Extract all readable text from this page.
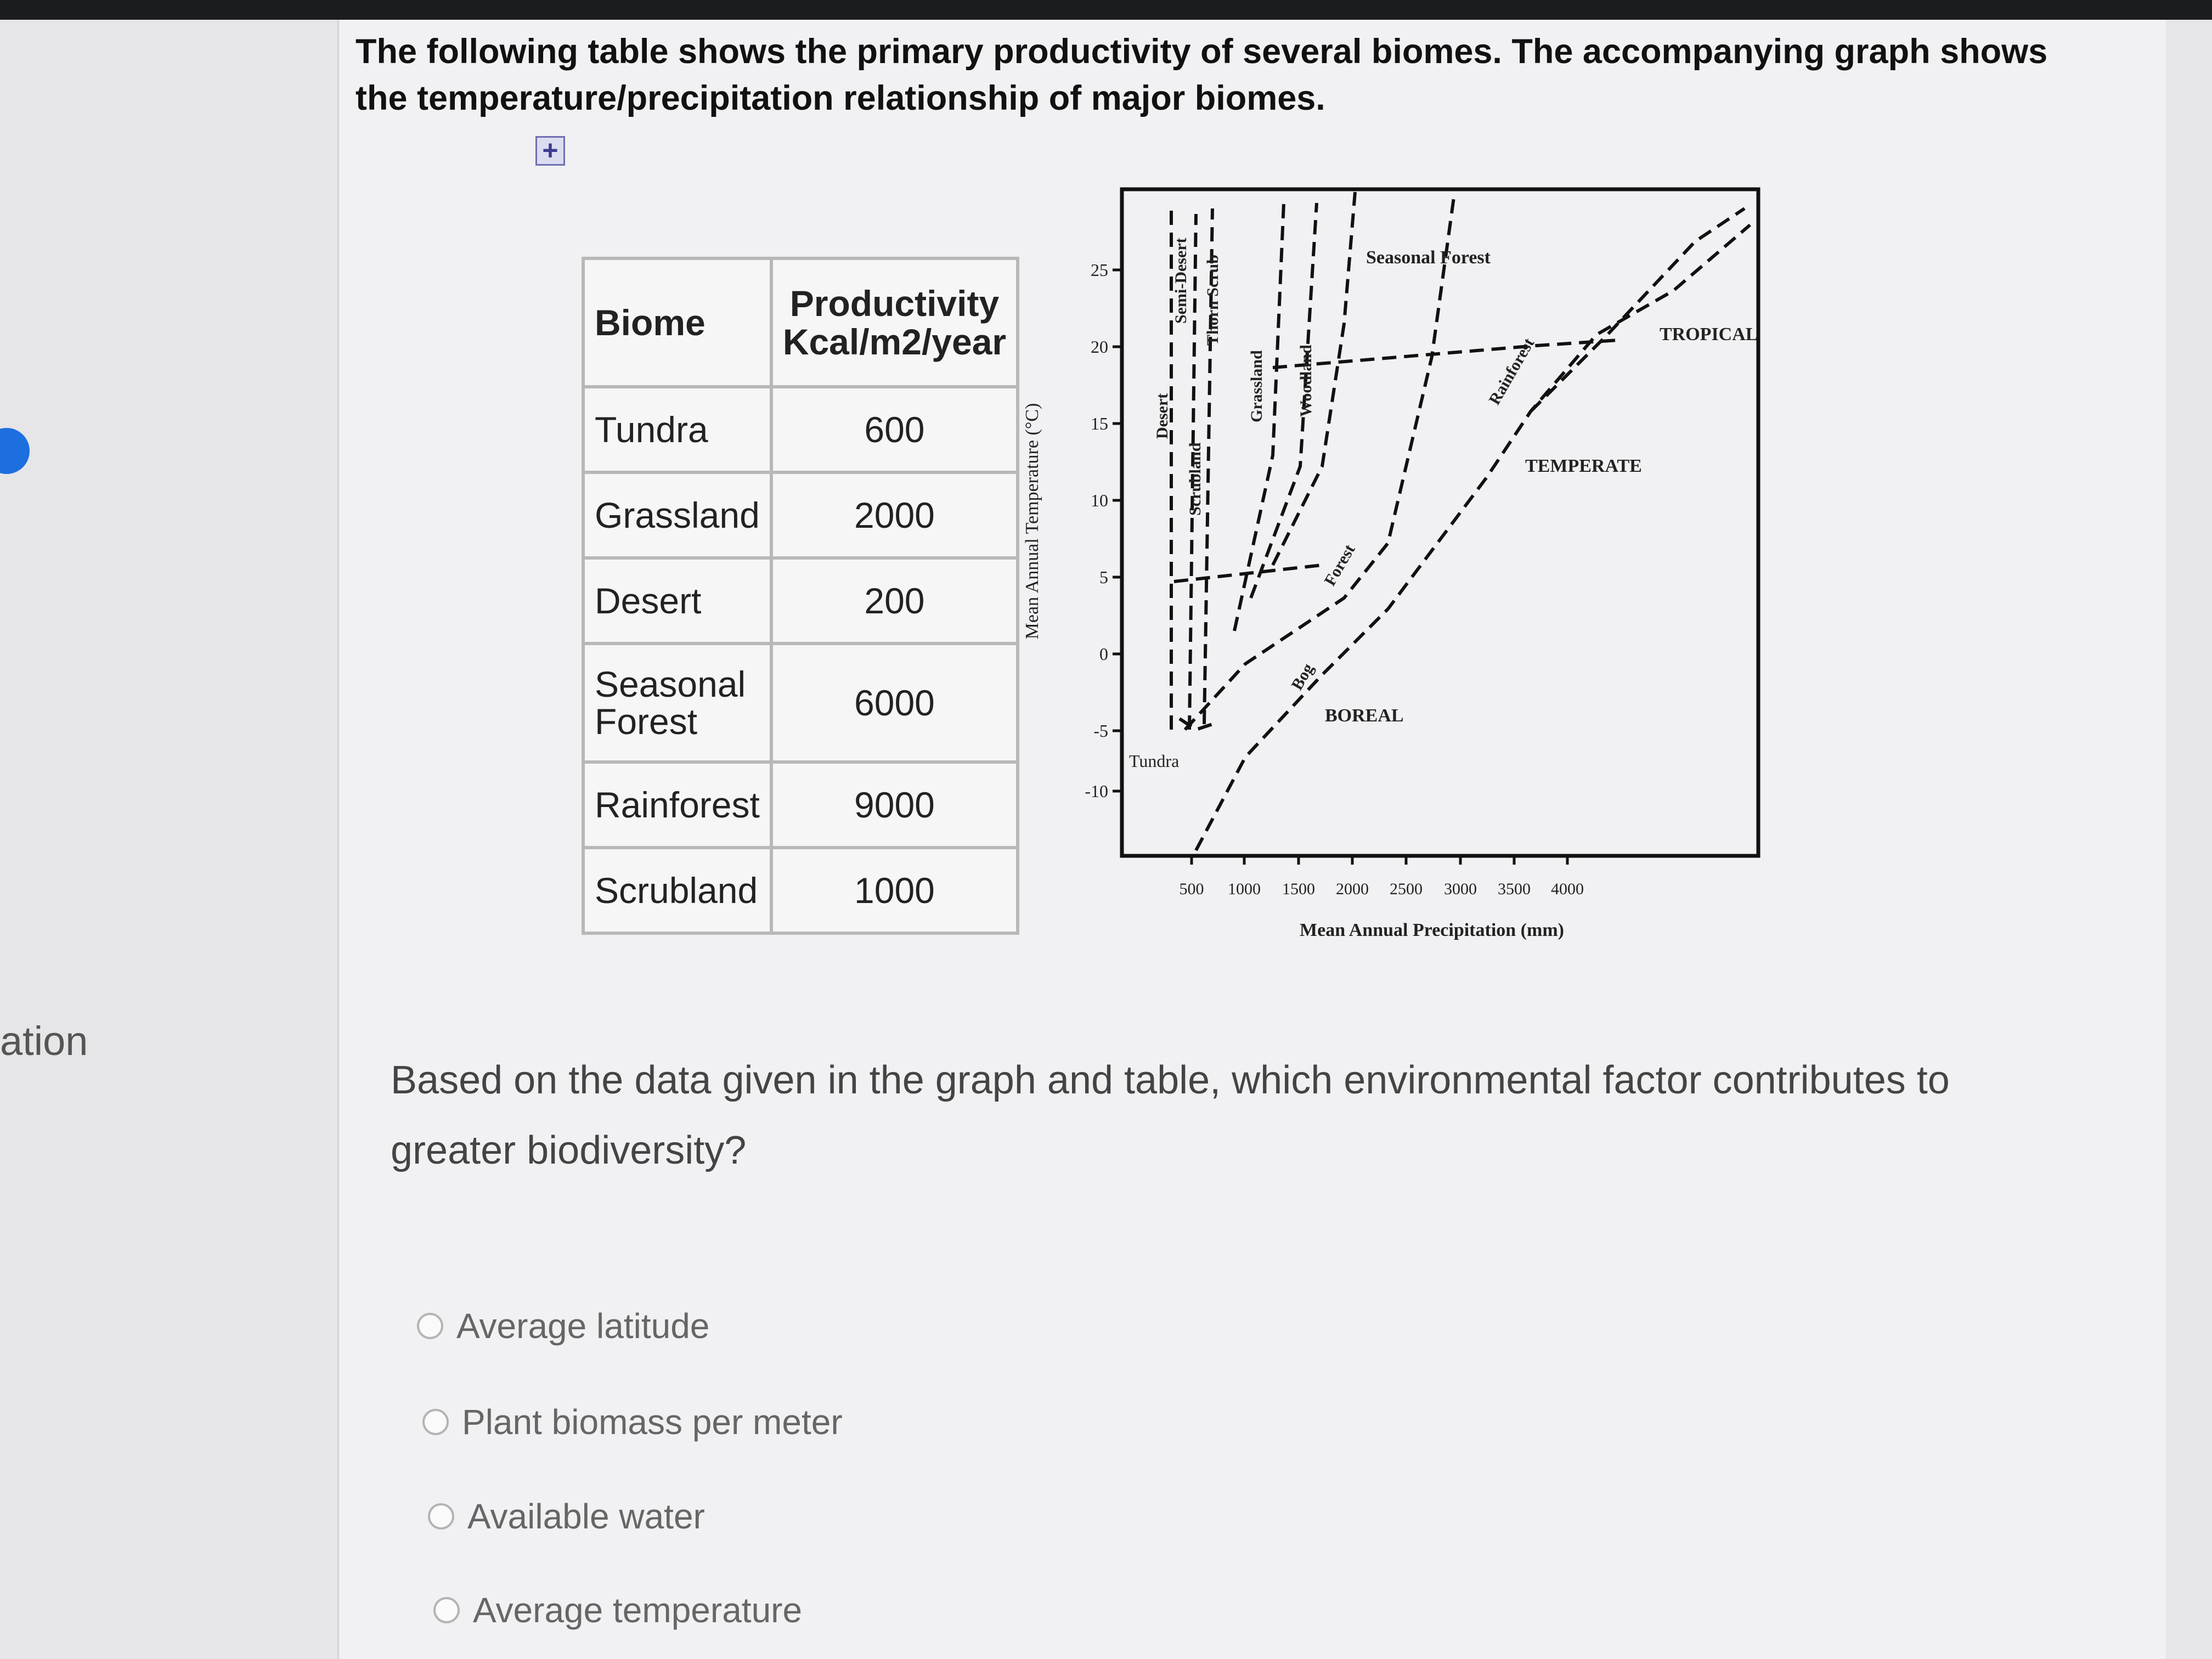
ation
The following table shows the primary productivity of several biomes. The accompanying graph shows the temperature/precipitation relationship of major biomes.
+
Biome	Productivity Kcal/m2/year
Tundra	600
Grassland	2000
Desert	200
Seasonal Forest	6000
Rainforest	9000
Scrubland	1000
Mean Annual Temperature (°C)
25
20
15
10
5
0
-5
-10
500 1000 1500 2000 2500 3000 3500 4000
Mean Annual Precipitation (mm)
Desert
Semi-Desert
Scrubland
Thorn Scrub
Grassland Woodland
Forest
Bog
Rainforest
Tundra
Seasonal Forest
TROPICAL
TEMPERATE
BOREAL
Based on the data given in the graph and table, which environmental factor contributes to greater biodiversity?
Average latitude
Plant biomass per meter
Available water
Average temperature
